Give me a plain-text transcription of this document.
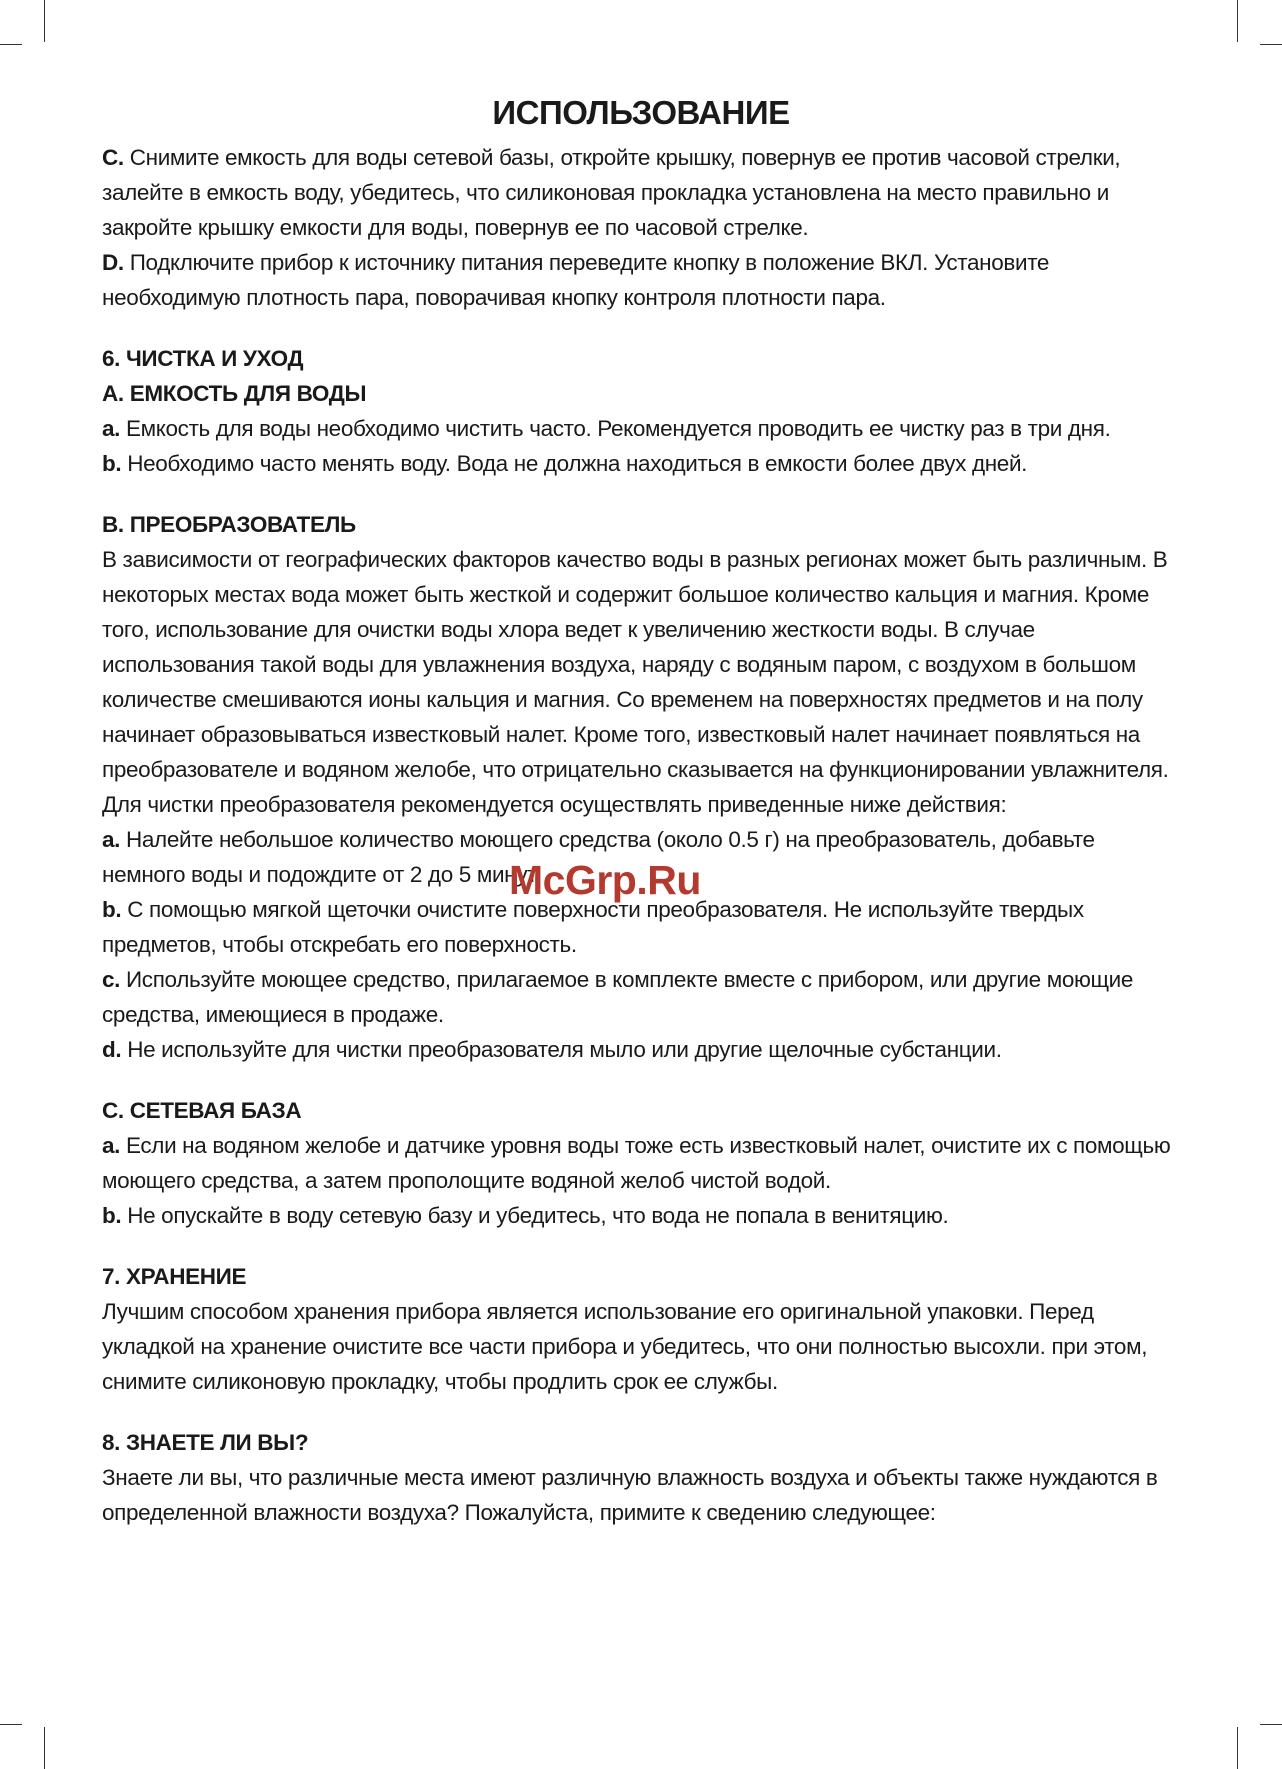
ИСПОЛЬЗОВАНИЕ

C. Снимите емкость для воды сетевой базы, откройте крышку, повернув ее против часовой стрелки, залейте в емкость воду, убедитесь, что силиконовая прокладка установлена на место правильно и закройте крышку емкости для воды, повернув ее по часовой стрелке.

D. Подключите прибор к источнику питания переведите кнопку в положение ВКЛ. Установите необходимую плотность пара, поворачивая кнопку контроля плотности пара.

6. ЧИСТКА И УХОД

A. ЕМКОСТЬ ДЛЯ ВОДЫ

a. Емкость для воды необходимо чистить часто. Рекомендуется проводить ее чистку раз в три дня.

b. Необходимо часто менять воду. Вода не должна находиться в емкости более двух дней.

B. ПРЕОБРАЗОВАТЕЛЬ

В зависимости от географических факторов качество воды в разных регионах может быть различным. В некоторых местах вода может быть жесткой и содержит большое количество кальция и магния. Кроме того, использование для очистки воды хлора ведет к увеличению жесткости воды. В случае использования такой воды для увлажнения воздуха, наряду с водяным паром, с воздухом в большом количестве смешиваются ионы кальция и магния. Со временем на поверхностях предметов и на полу начинает образовываться известковый налет. Кроме того, известковый налет начинает появляться на преобразователе и водяном желобе, что отрицательно сказывается на функционировании увлажнителя. Для чистки преобразователя рекомендуется осуществлять приведенные ниже действия:

a. Налейте небольшое количество моющего средства (около 0.5 г) на преобразователь, добавьте немного воды и подождите от 2 до 5 минут.

b. С помощью мягкой щеточки очистите поверхности преобразователя. Не используйте твердых предметов, чтобы отскребать его поверхность.

c. Используйте моющее средство, прилагаемое в комплекте вместе с прибором, или другие моющие средства, имеющиеся в продаже.

d. Не используйте для чистки преобразователя мыло или другие щелочные субстанции.

C. СЕТЕВАЯ БАЗА

a. Если на водяном желобе и датчике уровня воды тоже есть известковый налет, очистите их с помощью моющего средства, а затем прополощите водяной желоб чистой водой.

b. Не опускайте в воду сетевую базу и убедитесь, что вода не попала в венитяцию.

7. ХРАНЕНИЕ

Лучшим способом хранения прибора является использование его оригинальной упаковки. Перед укладкой на хранение очистите все части прибора и убедитесь, что они полностью высохли. при этом, снимите силиконовую прокладку, чтобы продлить срок ее службы.

8. ЗНАЕТЕ ЛИ ВЫ?

Знаете ли вы, что различные места имеют различную влажность воздуха и объекты также нуждаются в определенной влажности воздуха? Пожалуйста, примите к сведению следующее:

McGrp.Ru
